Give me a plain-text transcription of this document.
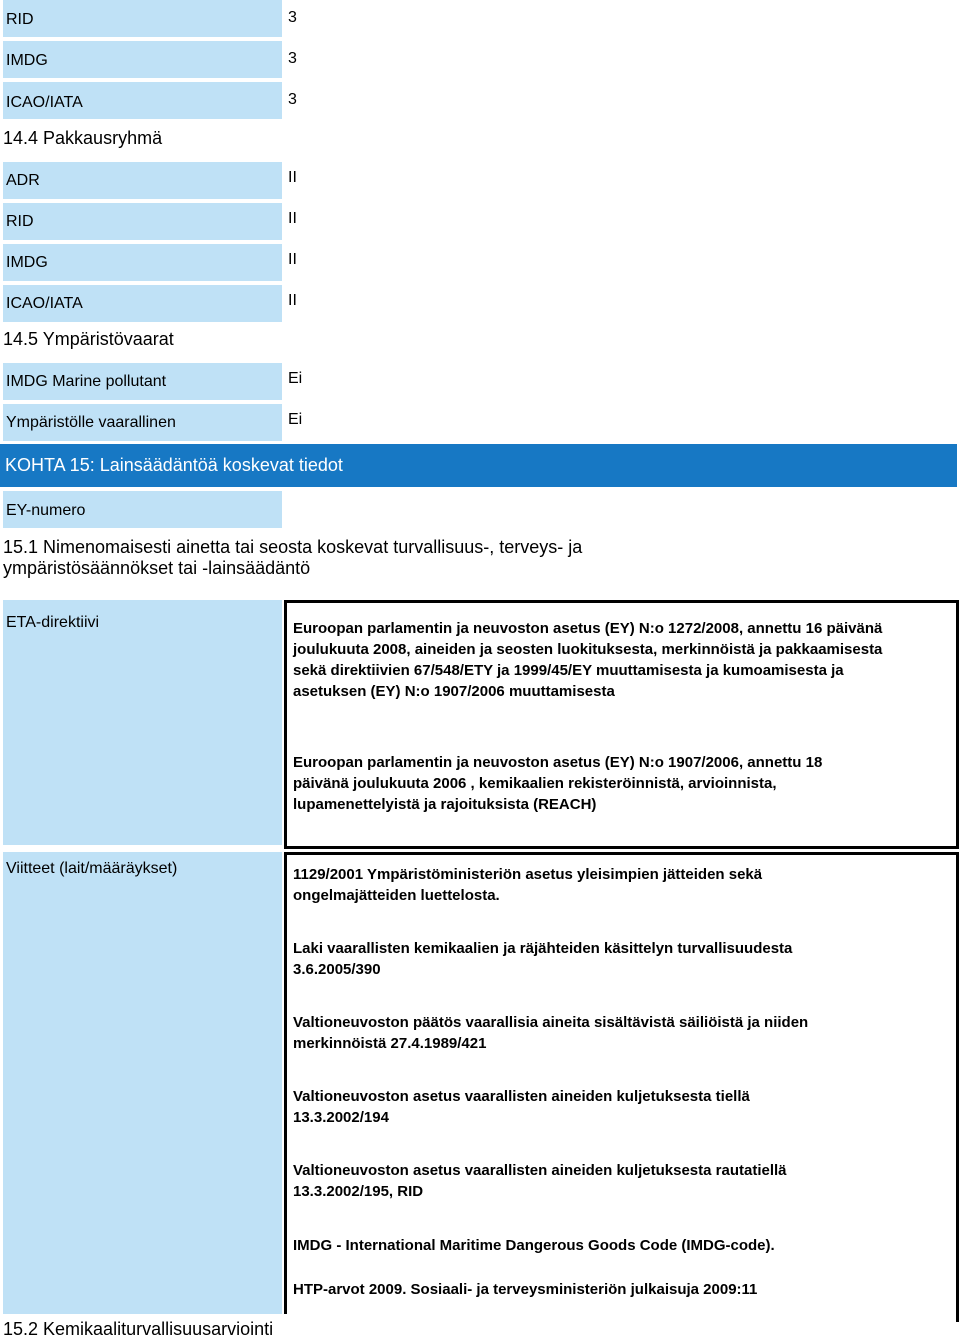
RID	3
IMDG	3
ICAO/IATA	3
14.4 Pakkausryhmä
ADR	II
RID	II
IMDG	II
ICAO/IATA	II
14.5 Ympäristövaarat
IMDG Marine pollutant	Ei
Ympäristölle vaarallinen	Ei
KOHTA 15: Lainsäädäntöä koskevat tiedot
EY-numero
15.1 Nimenomaisesti ainetta tai seosta koskevat turvallisuus-, terveys- ja
ympäristösäännökset tai -lainsäädäntö
ETA-direktiivi	Euroopan parlamentin ja neuvoston asetus (EY) N:o 1272/2008, annettu 16 päivänä
joulukuuta 2008, aineiden ja seosten luokituksesta, merkinnöistä ja pakkaamisesta
sekä direktiivien 67/548/ETY ja 1999/45/EY muuttamisesta ja kumoamisesta ja
asetuksen (EY) N:o 1907/2006 muuttamisesta
Euroopan parlamentin ja neuvoston asetus (EY) N:o 1907/2006, annettu 18
päivänä joulukuuta 2006 , kemikaalien rekisteröinnistä, arvioinnista,
lupamenettelyistä ja rajoituksista (REACH)
Viitteet (lait/määräykset)	1129/2001 Ympäristöministeriön asetus yleisimpien jätteiden sekä
ongelmajätteiden luettelosta.
Laki vaarallisten kemikaalien ja räjähteiden käsittelyn turvallisuudesta
3.6.2005/390
Valtioneuvoston päätös vaarallisia aineita sisältävistä säiliöistä ja niiden
merkinnöistä 27.4.1989/421
Valtioneuvoston asetus vaarallisten aineiden kuljetuksesta tiellä
13.3.2002/194
Valtioneuvoston asetus vaarallisten aineiden kuljetuksesta rautatiellä
13.3.2002/195, RID
IMDG - International Maritime Dangerous Goods Code (IMDG-code).
HTP-arvot 2009. Sosiaali- ja terveysministeriön julkaisuja 2009:11
15.2 Kemikaaliturvallisuusarviointi
